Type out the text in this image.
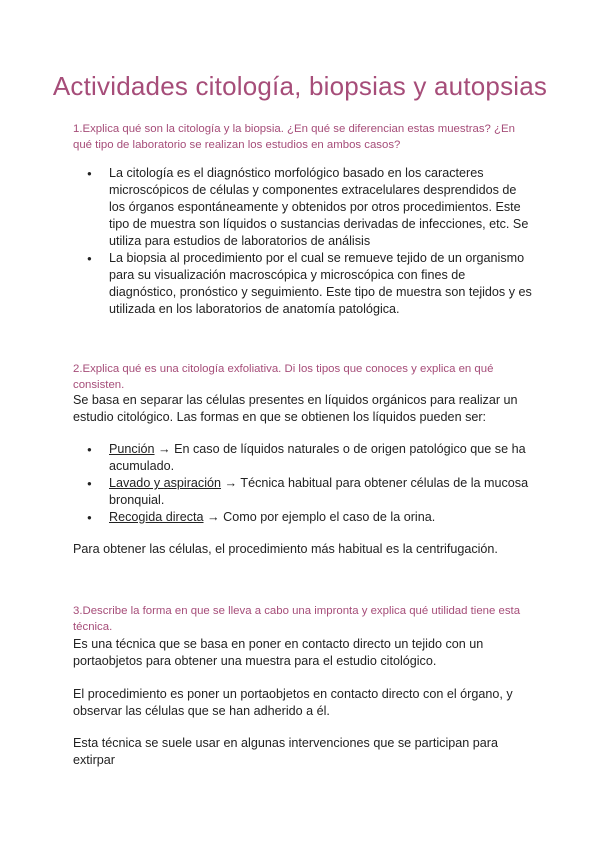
Actividades citología, biopsias y autopsias

1.Explica qué son la citología y la biopsia. ¿En qué se diferencian estas muestras? ¿En qué tipo de laboratorio se realizan los estudios en ambos casos?

● La citología es el diagnóstico morfológico basado en los caracteres microscópicos de células y componentes extracelulares desprendidos de los órganos espontáneamente y obtenidos por otros procedimientos. Este tipo de muestra son líquidos o sustancias derivadas de infecciones, etc. Se utiliza para estudios de laboratorios de análisis
● La biopsia al procedimiento por el cual se remueve tejido de un organismo para su visualización macroscópica y microscópica con fines de diagnóstico, pronóstico y seguimiento. Este tipo de muestra son tejidos y es utilizada en los laboratorios de anatomía patológica.

2.Explica qué es una citología exfoliativa. Di los tipos que conoces y explica en qué consisten.

Se basa en separar las células presentes en líquidos orgánicos para realizar un estudio citológico. Las formas en que se obtienen los líquidos pueden ser:

● Punción → En caso de líquidos naturales o de origen patológico que se ha acumulado.
● Lavado y aspiración → Técnica habitual para obtener células de la mucosa bronquial.
● Recogida directa → Como por ejemplo el caso de la orina.

Para obtener las células, el procedimiento más habitual es la centrifugación.

3.Describe la forma en que se lleva a cabo una impronta y explica qué utilidad tiene esta técnica.

Es una técnica que se basa en poner en contacto directo un tejido con un portaobjetos para obtener una muestra para el estudio citológico.

El procedimiento es poner un portaobjetos en contacto directo con el órgano, y observar las células que se han adherido a él.

Esta técnica se suele usar en algunas intervenciones que se participan para extirpar
